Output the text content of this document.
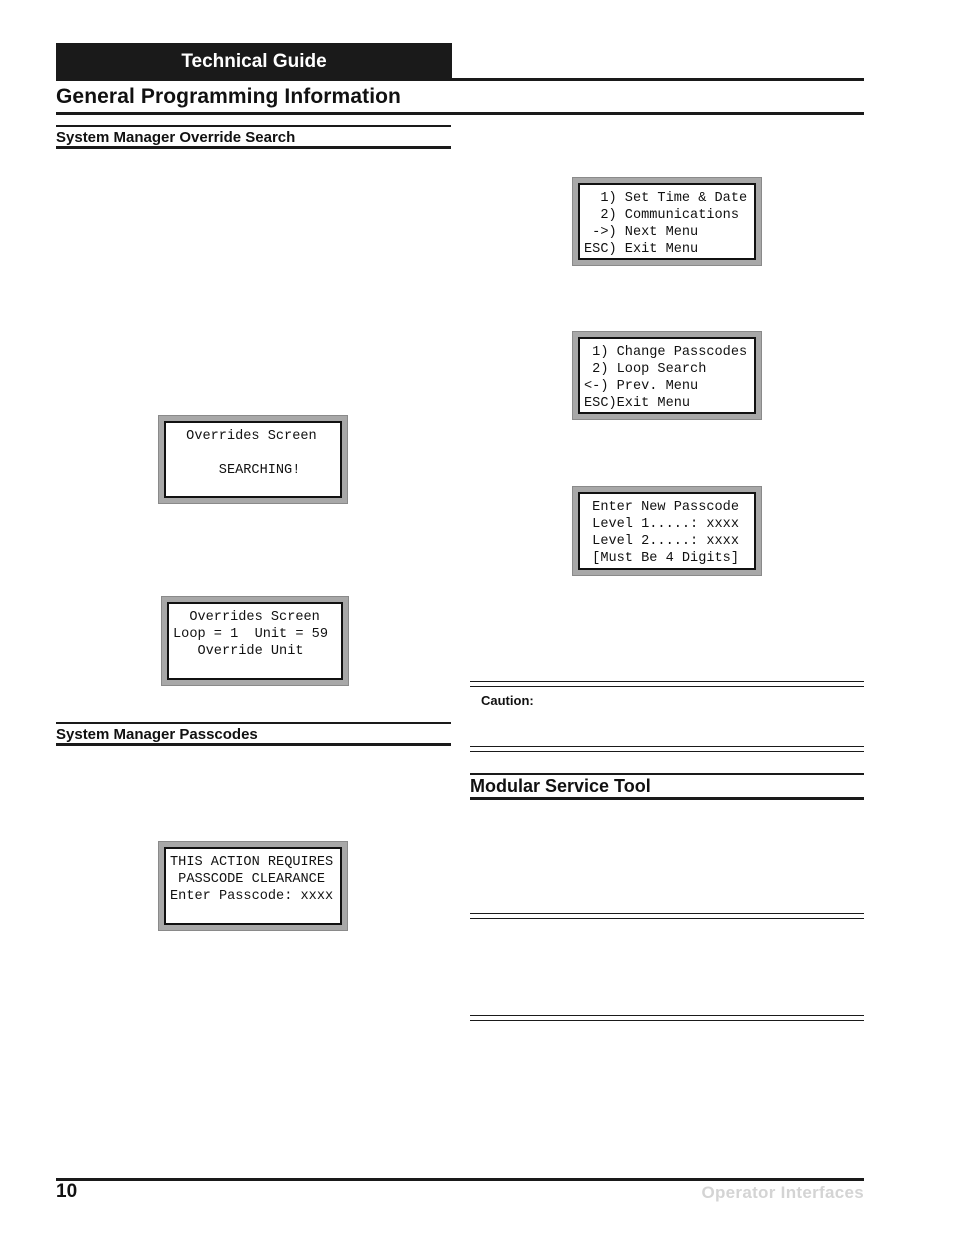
Technical Guide
General Programming Information
System Manager Override Search
Overrides Screen
SEARCHING!
Overrides Screen
Loop = 1  Unit = 59
Override Unit
System Manager Passcodes
THIS ACTION REQUIRES
PASSCODE CLEARANCE
Enter Passcode: xxxx
1) Set Time & Date
2) Communications
->) Next Menu
ESC) Exit Menu
1) Change Passcodes
2) Loop Search
<-) Prev. Menu
ESC)Exit Menu
Enter New Passcode
Level 1.....: xxxx
Level 2.....: xxxx
[Must Be 4 Digits]
Caution:
Modular Service Tool
10	Operator Interfaces
